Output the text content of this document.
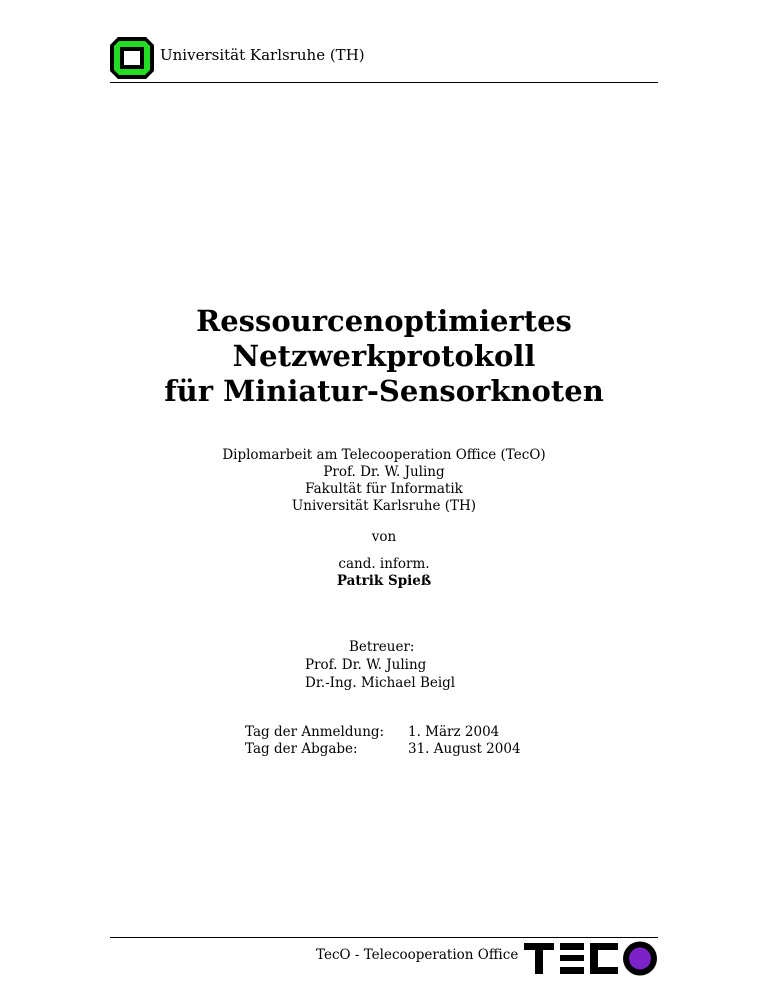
Universität Karlsruhe (TH)
Ressourcenoptimiertes
Netzwerkprotokoll
für Miniatur-Sensorknoten
Diplomarbeit am Telecooperation Office (TecO)
Prof. Dr. W. Juling
Fakultät für Informatik
Universität Karlsruhe (TH)
von
cand. inform.
Patrik Spieß
Betreuer:
Prof. Dr. W. Juling
Dr.-Ing. Michael Beigl
Tag der Anmeldung: 1. März 2004
Tag der Abgabe:	31. August 2004
TecO - Telecooperation Office
